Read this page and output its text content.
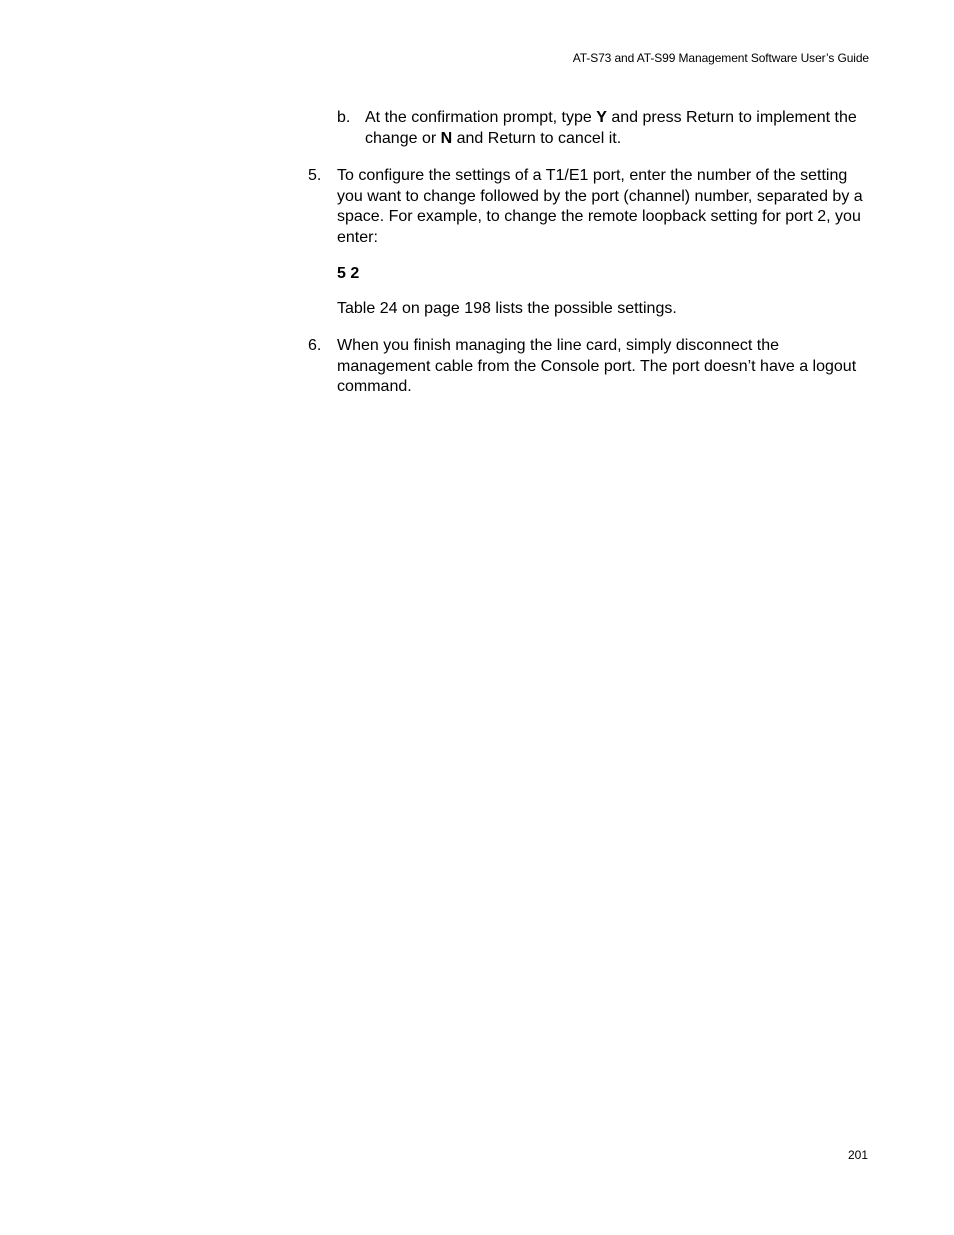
AT-S73 and AT-S99 Management Software User’s Guide
b. At the confirmation prompt, type Y and press Return to implement the change or N and Return to cancel it.
5. To configure the settings of a T1/E1 port, enter the number of the setting you want to change followed by the port (channel) number, separated by a space. For example, to change the remote loopback setting for port 2, you enter:
5 2
Table 24 on page 198 lists the possible settings.
6. When you finish managing the line card, simply disconnect the management cable from the Console port. The port doesn’t have a logout command.
201
